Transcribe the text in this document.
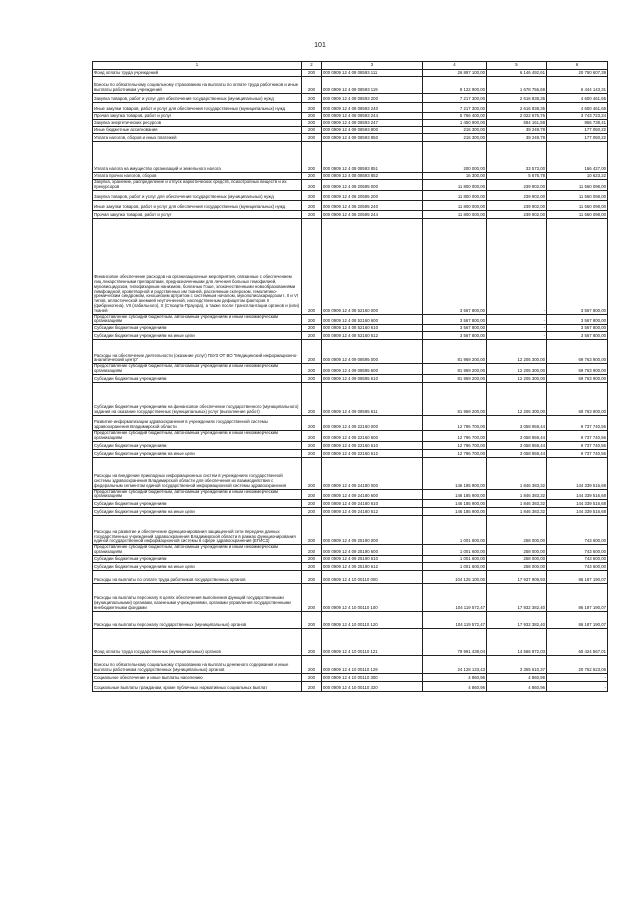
101
1	2	3	4	5	6
Фонд оплаты труда учреждений	200	000 0909 12 4 08 08593 111	26 897 100,00	6 146 492,61	20 750 607,39
Взносы по обязательному социальному страхованию на выплаты по оплате труда работников и иные выплаты работникам учреждений	200	000 0909 12 4 08 08593 119	8 122 900,00	1 678 756,69	6 444 143,31
Закупка товаров, работ и услуг для обеспечения государственных (муниципальных) нужд	200	000 0909 12 4 08 08593 200	7 217 300,00	2 616 838,35	4 600 461,65
Иные закупки товаров, работ и услуг для обеспечения государственных (муниципальных) нужд	200	000 0909 12 4 08 08593 240	7 217 300,00	2 616 838,35	4 600 461,65
Прочая закупка товаров, работ и услуг	200	000 0909 12 4 08 08593 244	5 766 400,00	2 022 676,76	3 743 723,24
Закупка энергетических ресурсов	200	000 0909 12 4 08 08593 247	1 450 900,00	594 161,59	856 738,41
Иные бюджетные ассигнования	200	000 0909 12 4 08 08593 800	216 300,00	39 249,78	177 050,22
Уплата налогов, сборов и иных платежей	200	000 0909 12 4 08 08593 850	216 300,00	39 249,78	177 050,22
Уплата налога на имущество организаций и земельного налога	200	000 0909 12 4 08 08593 851	200 000,00	33 573,00	166 427,00
Уплата прочих налогов, сборов	200	000 0909 12 4 08 08593 852	16 300,00	5 676,78	10 623,22
Закупка, хранение, распределение и отпуск наркотических средств, психотропных веществ и их прекурсоров	200	000 0909 12 4 08 20595 000	11 800 000,00	239 902,00	11 560 098,00
Закупка товаров, работ и услуг для обеспечения государственных (муниципальных) нужд	200	000 0909 12 4 08 20595 200	11 800 000,00	239 902,00	11 560 098,00
Иные закупки товаров, работ и услуг для обеспечения государственных (муниципальных) нужд	200	000 0909 12 4 08 20595 240	11 800 000,00	239 902,00	11 560 098,00
Прочая закупка товаров, работ и услуг	200	000 0909 12 4 08 20595 244	11 800 000,00	239 902,00	11 560 098,00
Финансовое обеспечение расходов на организационные мероприятия, связанные с обеспечением лиц лекарственными препаратами, предназначенными для лечения больных гемофилией, муковисцидозом, гипофизарным нанизмом, болезнью Гоше, злокачественными новообразованиями лимфоидной, кроветворной и родственных им тканей, рассеянным склерозом, гемолитико-уремическим синдромом, юношеским артритом с системным началом, мукополисахаридозом I, II и VI типов, апластической анемией неуточненной, наследственным дефицитом факторов II (фибриногена), VII (лабильного), X (Стюарта-Прауэра), а также после трансплантации органов и (или) тканей	200	000 0909 12 4 08 52160 000	3 567 800,00	-	3 567 800,00
Предоставление субсидий бюджетным, автономным учреждениям и иным некоммерческим организациям	200	000 0909 12 4 08 52160 600	3 567 800,00	-	3 567 800,00
Субсидии бюджетным учреждениям	200	000 0909 12 4 08 52160 610	3 567 800,00	-	3 567 800,00
Субсидии бюджетным учреждениям на иные цели	200	000 0909 12 4 08 52160 612	3 567 800,00	-	3 567 800,00
Расходы на обеспечение деятельности (оказание услуг) ГБУЗ ОТ ВО "Медицинский информационно-аналитический центр"	200	000 0909 12 4 09 08595 000	81 969 200,00	12 205 300,00	69 763 900,00
Предоставление субсидий бюджетным, автономным учреждениям и иным некоммерческим организациям	200	000 0909 12 4 09 08595 600	81 969 200,00	12 205 300,00	69 763 900,00
Субсидии бюджетным учреждениям	200	000 0909 12 4 09 08595 610	81 969 200,00	12 205 300,00	69 763 900,00
Субсидии бюджетным учреждениям на финансовое обеспечение государственного (муниципального) задания на оказание государственных (муниципальных) услуг (выполнение работ)	200	000 0909 12 4 09 08595 611	81 969 200,00	12 205 300,00	69 763 900,00
Развитие информатизации здравоохранения в учреждениях государственной системы здравоохранения Владимирской области	200	000 0909 12 4 09 22160 000	12 796 700,00	3 058 959,44	9 737 740,56
Предоставление субсидий бюджетным, автономным учреждениям и иным некоммерческим организациям	200	000 0909 12 4 09 22160 600	12 796 700,00	3 058 959,44	9 737 740,56
Субсидии бюджетным учреждениям	200	000 0909 12 4 09 22160 610	12 796 700,00	3 058 959,44	9 737 740,56
Субсидии бюджетным учреждениям на иные цели	200	000 0909 12 4 09 22160 612	12 796 700,00	3 058 959,44	9 737 740,56
Расходы на внедрение прикладных информационных систем в учреждениях государственной системы здравоохранения Владимирской области для обеспечения их взаимодействия с федеральным сегментом единой государственной информационной системы здравоохранения	200	000 0909 12 4 09 24180 000	146 185 900,00	1 846 383,32	144 339 516,68
Предоставление субсидий бюджетным, автономным учреждениям и иным некоммерческим организациям	200	000 0909 12 4 09 24180 600	146 185 900,00	1 846 383,32	144 339 516,68
Субсидии бюджетным учреждениям	200	000 0909 12 4 09 24180 610	146 185 900,00	1 846 383,32	144 339 516,68
Субсидии бюджетным учреждениям на иные цели	200	000 0909 12 4 09 24180 612	146 185 900,00	1 846 383,32	144 339 516,68
Расходы на развитие и обеспечение функционирования защищенной сети передачи данных государственных учреждений здравоохранения Владимирской области в рамках функционирования единой государственной информационной системы в сфере здравоохранения (ЕГИСЗ)	200	000 0909 12 4 09 25190 000	1 001 600,00	258 000,00	743 600,00
Предоставление субсидий бюджетным, автономным учреждениям и иным некоммерческим организациям	200	000 0909 12 4 09 25190 600	1 001 600,00	258 000,00	743 600,00
Субсидии бюджетным учреждениям	200	000 0909 12 4 09 25190 610	1 001 600,00	258 000,00	743 600,00
Субсидии бюджетным учреждениям на иные цели	200	000 0909 12 4 09 25190 612	1 001 600,00	258 000,00	743 600,00
Расходы на выплаты по оплате труда работников государственных органов	200	000 0909 12 4 10 00110 000	104 125 100,00	17 937 909,93	86 187 190,07
Расходы на выплаты персоналу в целях обеспечения выполнения функций государственными (муниципальными) органами, казенными учреждениями, органами управления государственными внебюджетными фондами	200	000 0909 12 4 10 00110 100	104 119 572,47	17 932 382,40	86 187 190,07
Расходы на выплаты персоналу государственных (муниципальных) органов	200	000 0909 12 4 10 00110 120	104 119 572,47	17 932 382,40	86 187 190,07
Фонд оплаты труда государственных (муниципальных) органов	200	000 0909 12 4 10 00110 121	79 991 439,04	14 566 872,03	65 424 567,01
Взносы по обязательному социальному страхованию на выплаты денежного содержания и иные выплаты работникам государственных (муниципальных) органов	200	000 0909 12 4 10 00110 129	24 128 133,43	3 365 510,37	20 762 623,06
Социальное обеспечение и иные выплаты населению	200	000 0909 12 4 10 00110 300	4 860,96	4 860,96	-
Социальные выплаты гражданам, кроме публичных нормативных социальных выплат	200	000 0909 12 4 10 00110 320	4 860,96	4 860,96	-
